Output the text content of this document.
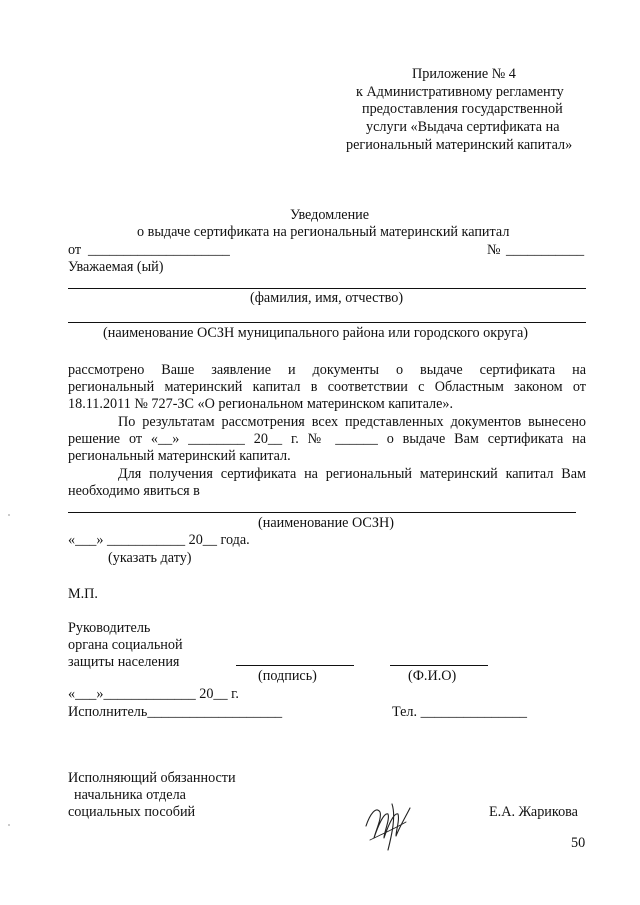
Приложение № 4
к Административному регламенту
предоставления государственной
услуги «Выдача сертификата на
региональный материнский капитал»
Уведомление
о выдаче сертификата на региональный материнский капитал
от ____________________	№ ___________
Уважаемая (ый)
(фамилия, имя, отчество)
(наименование ОСЗН муниципального района или городского округа)
рассмотрено Ваше заявление и документы о выдаче сертификата на
региональный материнский капитал в соответствии с Областным законом от
18.11.2011 № 727-ЗС «О региональном материнском капитале».
По результатам рассмотрения всех представленных документов вынесено
решение от «__» ________ 20__ г. № ______ о выдаче Вам сертификата на
региональный материнский капитал.
Для получения сертификата на региональный материнский капитал Вам
необходимо явиться в
(наименование ОСЗН)
«___» ___________ 20__ года.
(указать дату)
М.П.
Руководитель
органа социальной
защиты населения
(подпись)	(Ф.И.О)
«___»_____________ 20__ г.
Исполнитель___________________	Тел. _______________
Исполняющий обязанности
начальника отдела
социальных пособий	Е.А. Жарикова
50
